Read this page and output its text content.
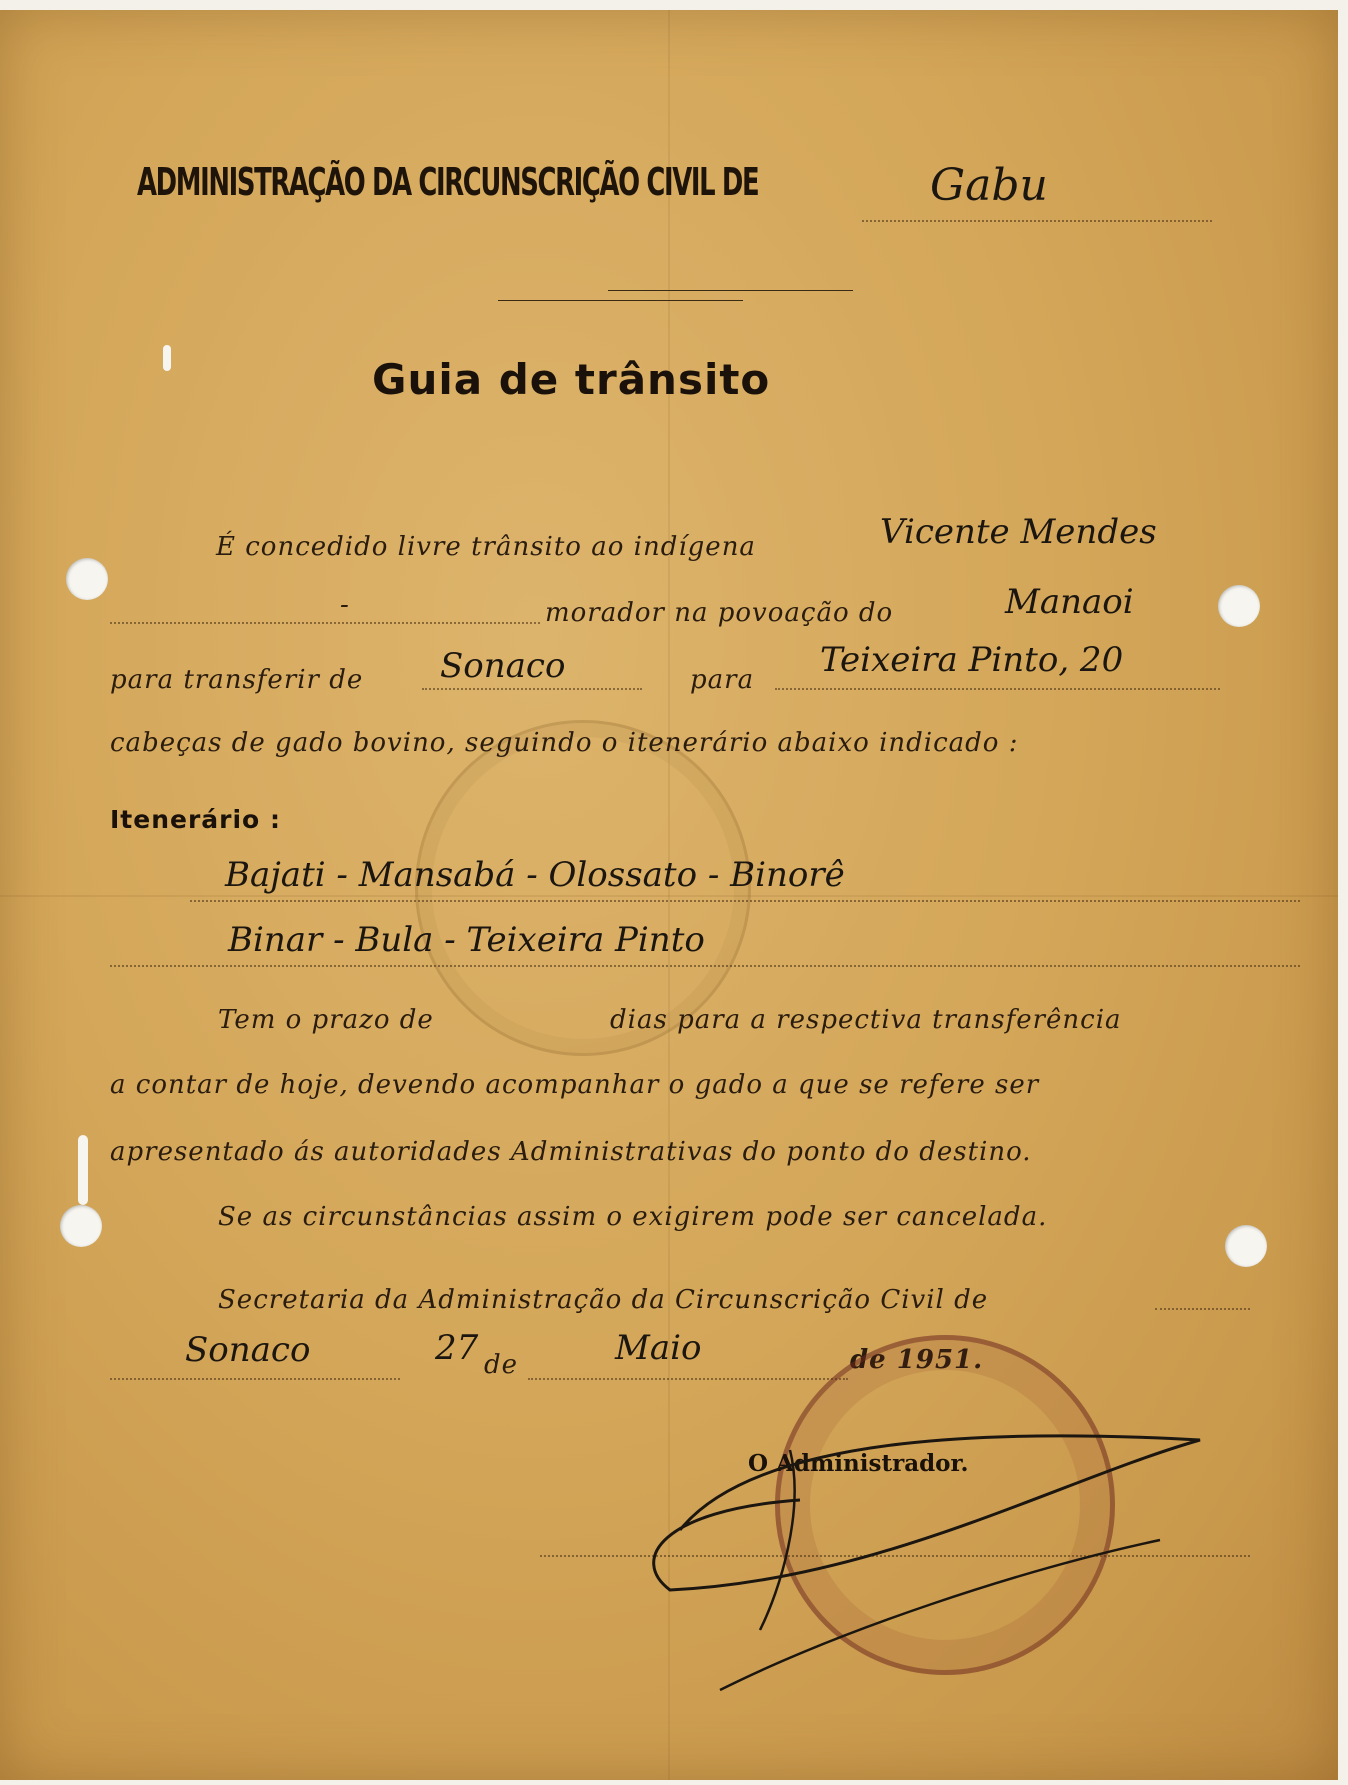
ADMINISTRAÇÃO DA CIRCUNSCRIÇÃO CIVIL DE	Gabu
Guia de trânsito
É concedido livre trânsito ao indígena	Vicente Mendes
-	morador na povoação do	Manaoi
para transferir de Sonaco	para Teixeira Pinto, 20
cabeças de gado bovino, seguindo o itenerário abaixo indicado :
Itenerário :
Bajati - Mansabá - Olossato - Binorê
Binar - Bula - Teixeira Pinto
Tem o prazo de	dias para a respectiva transferência
a contar de hoje, devendo acompanhar o gado a que se refere ser
apresentado ás autoridades Administrativas do ponto do destino.
Se as circunstâncias assim o exigirem pode ser cancelada.
Secretaria da Administração da Circunscrição Civil de
Sonaco	27 de	Maio	de 1951.
O Administrador.
